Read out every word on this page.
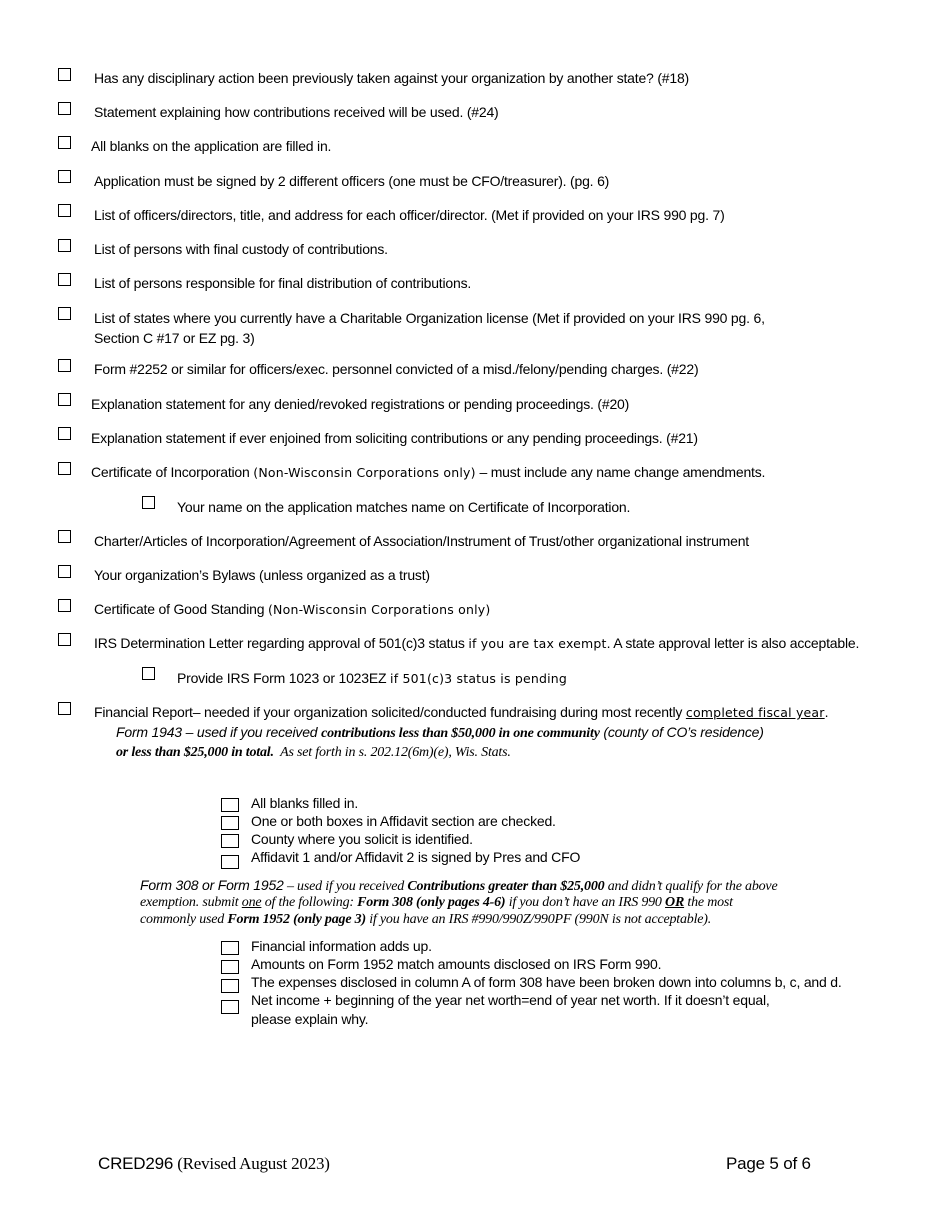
Has any disciplinary action been previously taken against your organization by another state? (#18)
Statement explaining how contributions received will be used. (#24)
All blanks on the application are filled in.
Application must be signed by 2 different officers (one must be CFO/treasurer). (pg. 6)
List of officers/directors, title, and address for each officer/director. (Met if provided on your IRS 990 pg. 7)
List of persons with final custody of contributions.
List of persons responsible for final distribution of contributions.
List of states where you currently have a Charitable Organization license (Met if provided on your IRS 990 pg. 6,
Section C #17 or EZ pg. 3)
Form #2252 or similar for officers/exec. personnel convicted of a misd./felony/pending charges. (#22)
Explanation statement for any denied/revoked registrations or pending proceedings. (#20)
Explanation statement if ever enjoined from soliciting contributions or any pending proceedings. (#21)
Certificate of Incorporation (Non-Wisconsin Corporations only) – must include any name change amendments.
Your name on the application matches name on Certificate of Incorporation.
Charter/Articles of Incorporation/Agreement of Association/Instrument of Trust/other organizational instrument
Your organization’s Bylaws (unless organized as a trust)
Certificate of Good Standing (Non-Wisconsin Corporations only)
IRS Determination Letter regarding approval of 501(c)3 status if you are tax exempt. A state approval letter is also acceptable.
Provide IRS Form 1023 or 1023EZ if 501(c)3 status is pending
Financial Report– needed if your organization solicited/conducted fundraising during most recently completed fiscal year.
Form 1943 – used if you received contributions less than $50,000 in one community (county of CO’s residence)
or less than $25,000 in total.  As set forth in s. 202.12(6m)(e), Wis. Stats.
All blanks filled in.
One or both boxes in Affidavit section are checked.
County where you solicit is identified.
Affidavit 1 and/or Affidavit 2 is signed by Pres and CFO
Form 308 or Form 1952 – used if you received Contributions greater than $25,000 and didn’t qualify for the above
exemption. submit one of the following: Form 308 (only pages 4-6) if you don’t have an IRS 990 OR the most
commonly used Form 1952 (only page 3) if you have an IRS #990/990Z/990PF (990N is not acceptable).
Financial information adds up.
Amounts on Form 1952 match amounts disclosed on IRS Form 990.
The expenses disclosed in column A of form 308 have been broken down into columns b, c, and d.
Net income + beginning of the year net worth=end of year net worth. If it doesn’t equal,
please explain why.
CRED296 (Revised August 2023)	Page 5 of 6
